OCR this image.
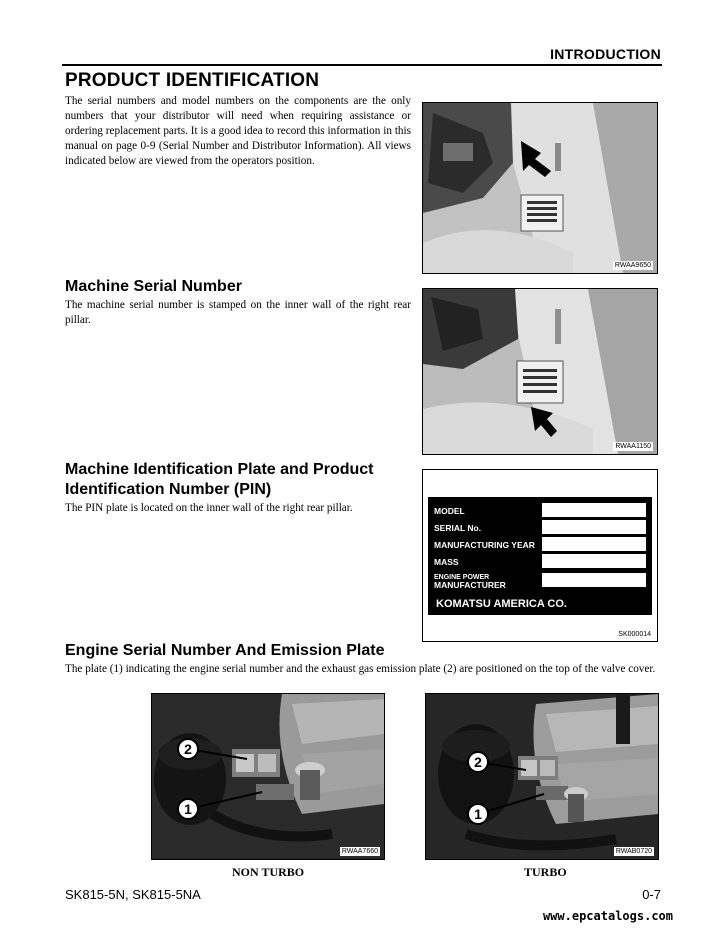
INTRODUCTION
PRODUCT IDENTIFICATION
The serial numbers and model numbers on the components are the only numbers that your distributor will need when requiring assistance or ordering replacement parts. It is a good idea to record this information in this manual on page 0-9 (Serial Number and Distributor Information). All views indicated below are viewed from the operators position.
RWAA9650
Machine Serial Number
The machine serial number is stamped on the inner wall of the right rear pillar.
RWAA1150
Machine Identification Plate and Product
Identification Number (PIN)
The PIN plate is located on the inner wall of the right rear pillar.	MODEL
SERIAL No.
MANUFACTURING YEAR
MASS
ENGINE POWER
MANUFACTURER
KOMATSU AMERICA CO.
SK000014
Engine Serial Number And Emission Plate
The plate (1) indicating the engine serial number and the exhaust gas emission plate (2) are positioned on the top of the valve cover.
2
1
RWAA7660
NON TURBO
2
1
RWAB0720
TURBO
SK815-5N, SK815-5NA	0-7
www.epcatalogs.com
